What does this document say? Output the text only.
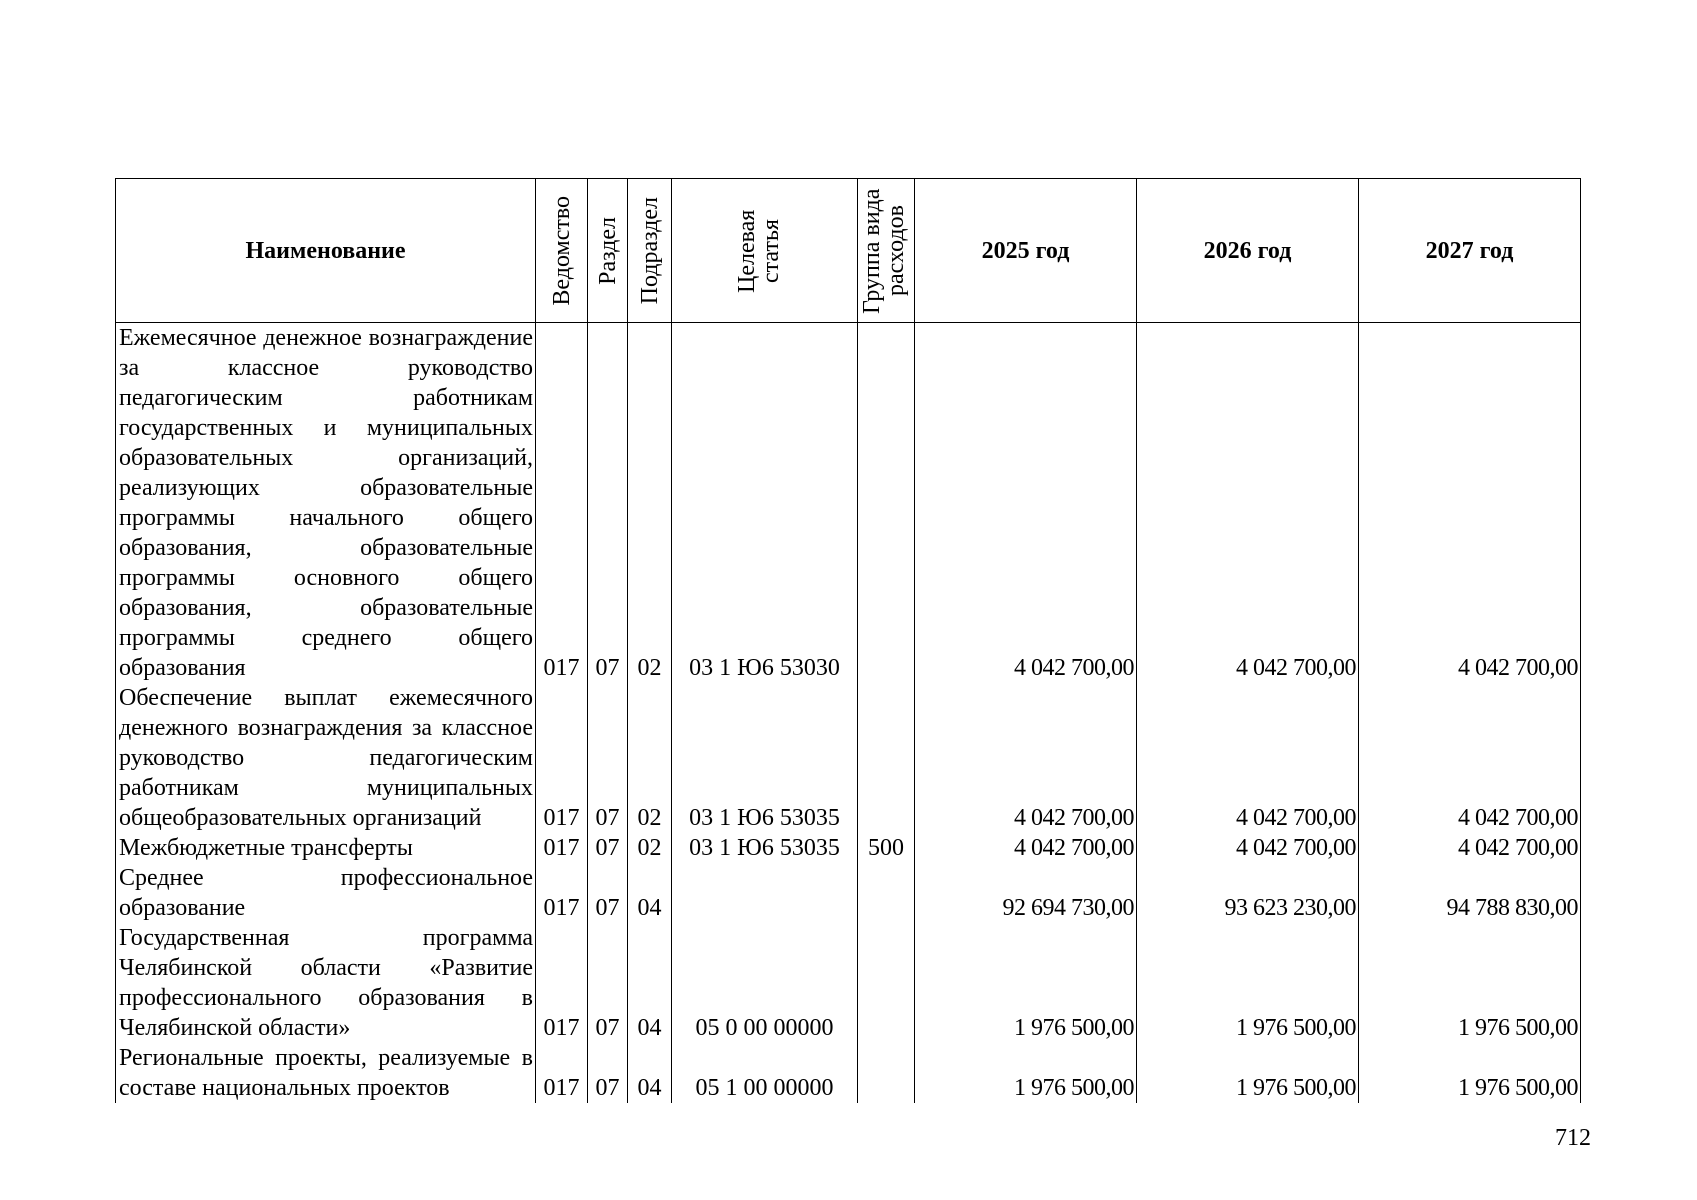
Наименование	Ведомство	Раздел	Подраздел	Целевая статья	Группа вида расходов	2025 год	2026 год	2027 год
Ежемесячное денежное вознаграждение за классное руководство педагогическим работникам государственных и муниципальных образовательных организаций, реализующих образовательные программы начального общего образования, образовательные программы основного общего образования, образовательные программы среднего общего образования	017	07	02	03 1 Ю6 53030		4 042 700,00	4 042 700,00	4 042 700,00
Обеспечение выплат ежемесячного денежного вознаграждения за классное руководство педагогическим работникам муниципальных общеобразовательных организаций	017	07	02	03 1 Ю6 53035		4 042 700,00	4 042 700,00	4 042 700,00
Межбюджетные трансферты	017	07	02	03 1 Ю6 53035	500	4 042 700,00	4 042 700,00	4 042 700,00
Среднее профессиональное образование	017	07	04			92 694 730,00	93 623 230,00	94 788 830,00
Государственная программа Челябинской области «Развитие профессионального образования в Челябинской области»	017	07	04	05 0 00 00000		1 976 500,00	1 976 500,00	1 976 500,00
Региональные проекты, реализуемые в составе национальных проектов	017	07	04	05 1 00 00000		1 976 500,00	1 976 500,00	1 976 500,00
712
